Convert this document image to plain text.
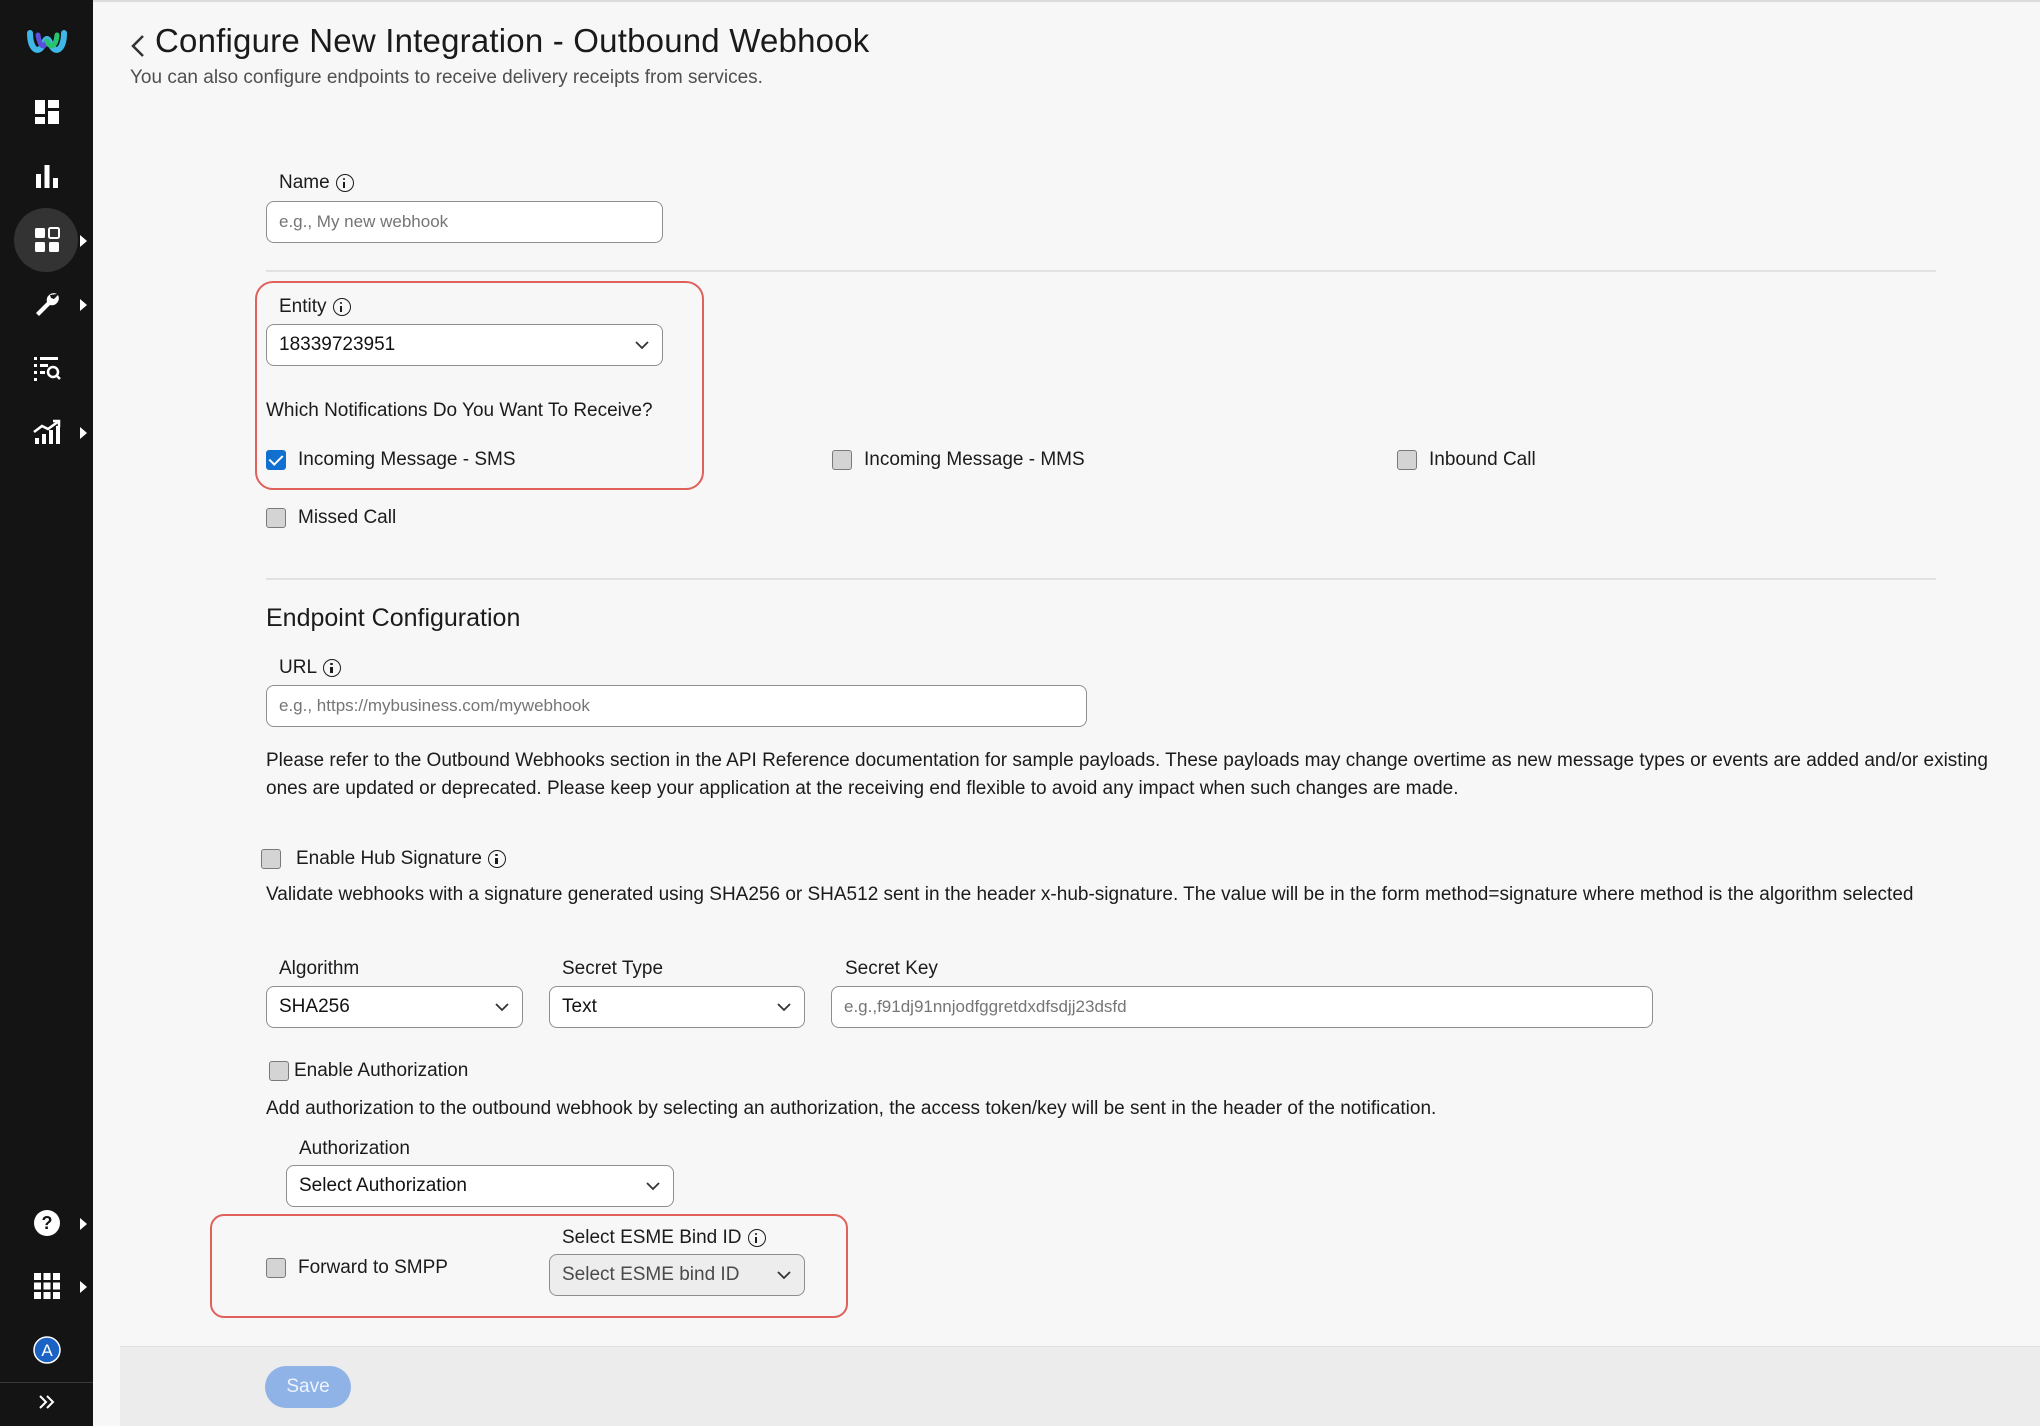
?
A
Configure New Integration - Outbound Webhook

You can also configure endpoints to receive delivery receipts from services.

Name
e.g., My new webhook
Entity
18339723951
Which Notifications Do You Want To Receive?
Incoming Message - SMS	Incoming Message - MMS	Inbound Call
Missed Call
Endpoint Configuration
URL
e.g., https://mybusiness.com/mywebhook
Please refer to the Outbound Webhooks section in the API Reference documentation for sample payloads. These payloads may change overtime as new message types or events are added and/or existing ones are updated or deprecated. Please keep your application at the receiving end flexible to avoid any impact when such changes are made.
Enable Hub Signature
Validate webhooks with a signature generated using SHA256 or SHA512 sent in the header x-hub-signature. The value will be in the form method=signature where method is the algorithm selected
Algorithm
SHA256
Secret Type
Text
Secret Key
e.g.,f91dj91nnjodfggretdxdfsdjj23dsfd
Enable Authorization
Add authorization to the outbound webhook by selecting an authorization, the access token/key will be sent in the header of the notification.
Authorization
Select Authorization
Forward to SMPP
Select ESME Bind ID
Select ESME bind ID
Save
